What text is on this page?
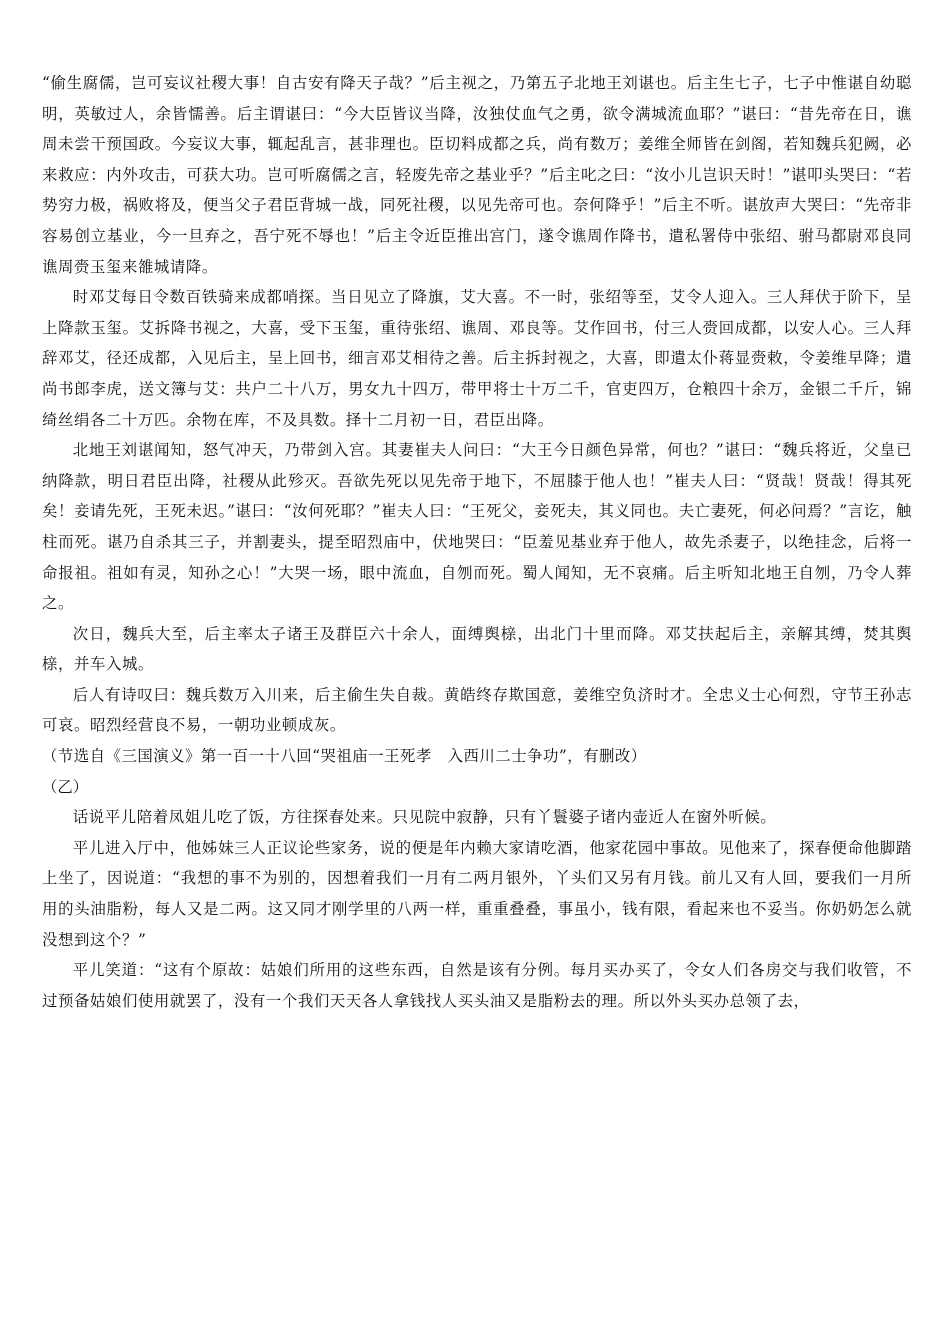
“偷生腐儒，岂可妄议社稷大事！自古安有降天子哉？”后主视之，乃第五子北地王刘谌也。后主生七子，七子中惟谌自幼聪明，英敏过人，余皆懦善。后主谓谌曰：“今大臣皆议当降，汝独仗血气之勇，欲令满城流血耶？”谌曰：“昔先帝在日，谯周未尝干预国政。今妄议大事，辄起乱言，甚非理也。臣切料成都之兵，尚有数万；姜维全师皆在剑阁，若知魏兵犯阙，必来救应：内外攻击，可获大功。岂可听腐儒之言，轻废先帝之基业乎？”后主叱之曰：“汝小儿岂识天时！”谌叩头哭曰：“若势穷力极，祸败将及，便当父子君臣背城一战，同死社稷，以见先帝可也。奈何降乎！”后主不听。谌放声大哭曰：“先帝非容易创立基业，今一旦弃之，吾宁死不辱也！”后主令近臣推出宫门，遂令谯周作降书，遣私署侍中张绍、驸马都尉邓良同谯周赍玉玺来雒城请降。

时邓艾每日令数百铁骑来成都哨探。当日见立了降旗，艾大喜。不一时，张绍等至，艾令人迎入。三人拜伏于阶下，呈上降款玉玺。艾拆降书视之，大喜，受下玉玺，重待张绍、谯周、邓良等。艾作回书，付三人赍回成都，以安人心。三人拜辞邓艾，径还成都，入见后主，呈上回书，细言邓艾相待之善。后主拆封视之，大喜，即遣太仆蒋显赍敕，令姜维早降；遣尚书郎李虎，送文簿与艾：共户二十八万，男女九十四万，带甲将士十万二千，官吏四万，仓粮四十余万，金银二千斤，锦绮丝绢各二十万匹。余物在库，不及具数。择十二月初一日，君臣出降。

北地王刘谌闻知，怒气冲天，乃带剑入宫。其妻崔夫人问曰：“大王今日颜色异常，何也？”谌曰：“魏兵将近，父皇已纳降款，明日君臣出降，社稷从此殄灭。吾欲先死以见先帝于地下，不屈膝于他人也！”崔夫人曰：“贤哉！贤哉！得其死矣！妾请先死，王死未迟。”谌曰：“汝何死耶？”崔夫人曰：“王死父，妾死夫，其义同也。夫亡妻死，何必问焉？”言讫，触柱而死。谌乃自杀其三子，并割妻头，提至昭烈庙中，伏地哭曰：“臣羞见基业弃于他人，故先杀妻子，以绝挂念，后将一命报祖。祖如有灵，知孙之心！”大哭一场，眼中流血，自刎而死。蜀人闻知，无不哀痛。后主听知北地王自刎，乃令人葬之。

次日，魏兵大至，后主率太子诸王及群臣六十余人，面缚舆榇，出北门十里而降。邓艾扶起后主，亲解其缚，焚其舆榇，并车入城。

后人有诗叹曰：魏兵数万入川来，后主偷生失自裁。黄皓终存欺国意，姜维空负济时才。全忠义士心何烈，守节王孙志可哀。昭烈经营良不易，一朝功业顿成灰。

（节选自《三国演义》第一百一十八回“哭祖庙一王死孝　入西川二士争功”，有删改）

（乙）

话说平儿陪着凤姐儿吃了饭，方往探春处来。只见院中寂静，只有丫鬟婆子诸内壶近人在窗外听候。

平儿进入厅中，他姊妹三人正议论些家务，说的便是年内赖大家请吃酒，他家花园中事故。见他来了，探春便命他脚踏上坐了，因说道：“我想的事不为别的，因想着我们一月有二两月银外，丫头们又另有月钱。前儿又有人回，要我们一月所用的头油脂粉，每人又是二两。这又同才刚学里的八两一样，重重叠叠，事虽小，钱有限，看起来也不妥当。你奶奶怎么就没想到这个？”

平儿笑道：“这有个原故：姑娘们所用的这些东西，自然是该有分例。每月买办买了，令女人们各房交与我们收管，不过预备姑娘们使用就罢了，没有一个我们天天各人拿钱找人买头油又是脂粉去的理。所以外头买办总领了去，
